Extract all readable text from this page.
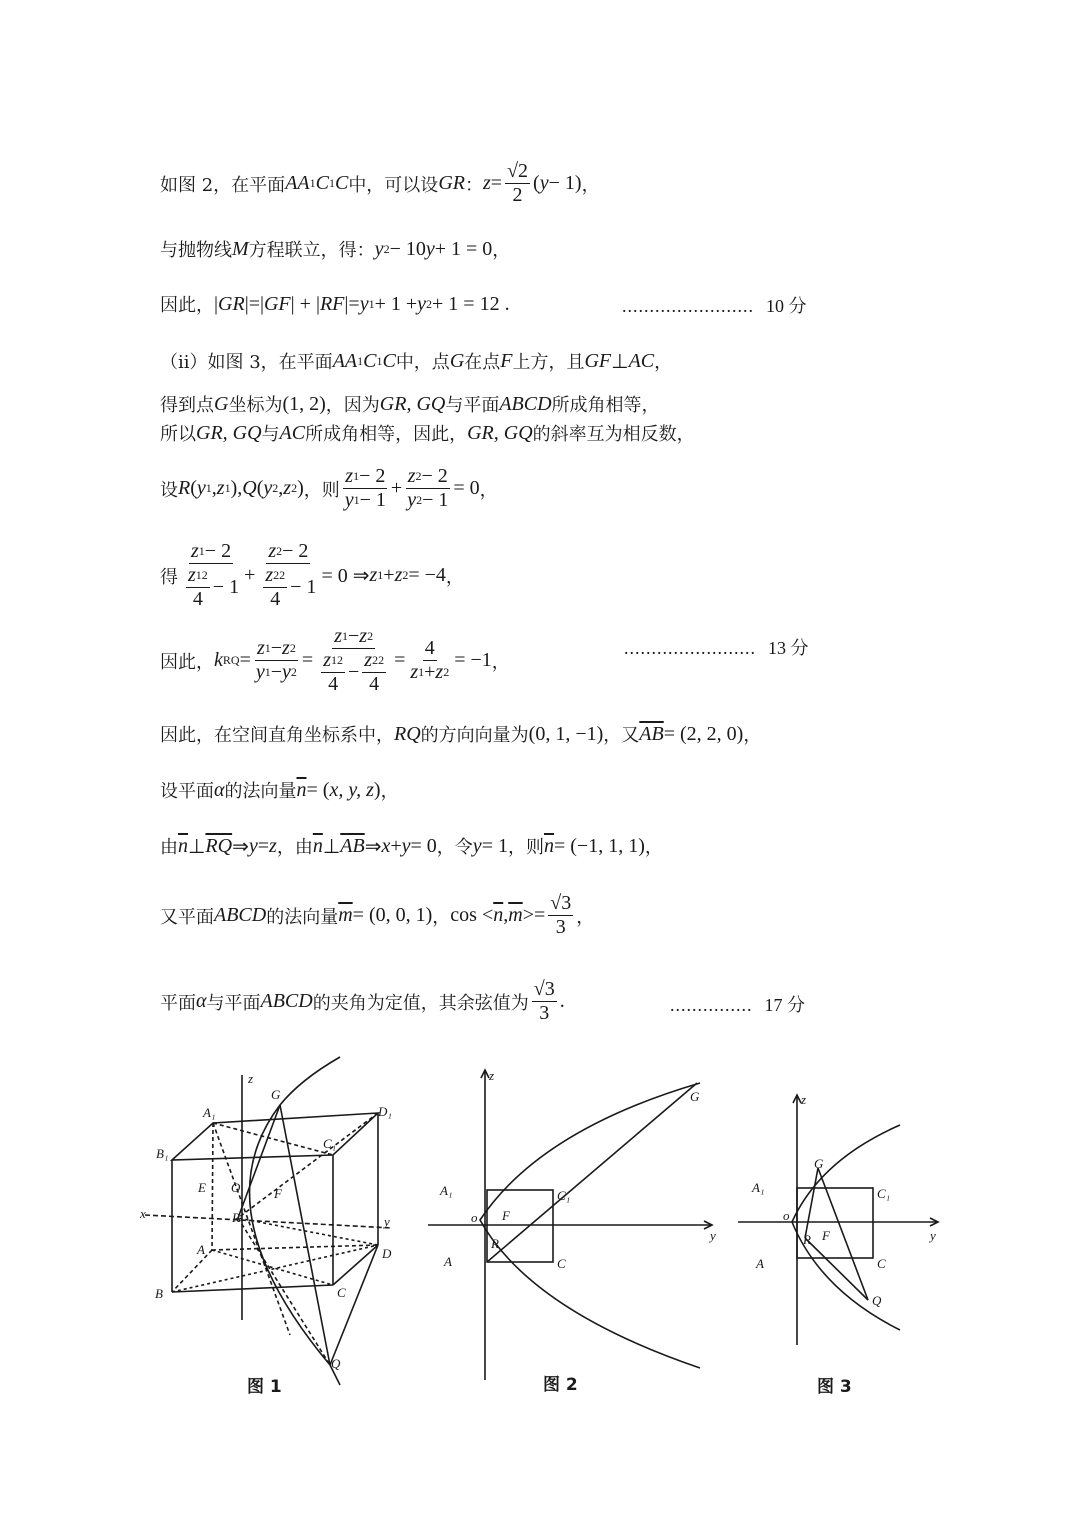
如图 2，在平面 AA 1 C 1 C 中，可以设 GR ： $z = \frac{√2}{2}$ ( y − 1) ，
与抛物线 M 方程联立，得： y 2 − 10 y + 1 = 0 ，
因此， | GR |=| GF | + | RF |= y 1 + 1 + y 2 + 1 = 12 .
（ii）如图 3，在平面 AA 1 C 1 C 中，点 G 在点 F 上方，且 GF ⊥ AC ，
得到点 G 坐标为 (1, 2) ，因为 GR, GQ 与平面 ABCD 所成角相等，
所以 GR, GQ 与 AC 所成角相等，因此， GR, GQ 的斜率互为相反数，
设 R ( y 1 , z 1 ), Q ( y 2 , z 2 ) ，则 $\frac{z 1 - 2}{y 1 - 1} + \frac{z 2 - 2}{y 2 - 1} = 0$ ，
得 $\frac{z 1 - 2}{\frac{z 1 2}{4} - 1} + \frac{z 2 - 2}{\frac{z 2 2}{4} - 1} = 0$ ⇒ z 1 + z 2 = −4 ，
因此， k RQ = $\frac{z 1 - z 2}{y 1 - y 2} = \frac{z 1 - z 2}{\frac{z 1 2}{4} - \frac{z 2 2}{4}} = \frac{4}{z 1 + z 2} = -1$ ，
因此，在空间直角坐标系中， RQ 的方向向量为 (0, 1, −1) ，又 $\overline{AB} = (2$, 2, 0) ，
设平面 α 的法向量 $\overline{n}$ = ( x, y, z ) ，
由 $\overline{n}$ ⊥ $\overline{RQ}$ ⇒ y = z ，由 $\overline{n}$ ⊥ $\overline{AB}$ ⇒ x + y = 0 ，令 y = 1 ，则 $\overline{n} = (-1$, 1, 1) ，
又平面 ABCD 的法向量 $\overline{m} = (0$, 0, 1) ， $\cos < \overline{n}$ , $\overline{m} >= \frac{√3}{3}$ ，
平面 α 与平面 ABCD 的夹角为定值，其余弦值为 $\frac{√3}{3}$ .
........................ 10 分
........................ 13 分
............... 17 分
z
x
y
A₁
B₁
C₁
D₁
A
B	C
D
E O	F
R
G
Q
z
y
o
A₁	C₁
A	C
F
R
G	z
y
o
A₁	C₁
A	C
F
R
G
Q
图 1	图 2	图 3
